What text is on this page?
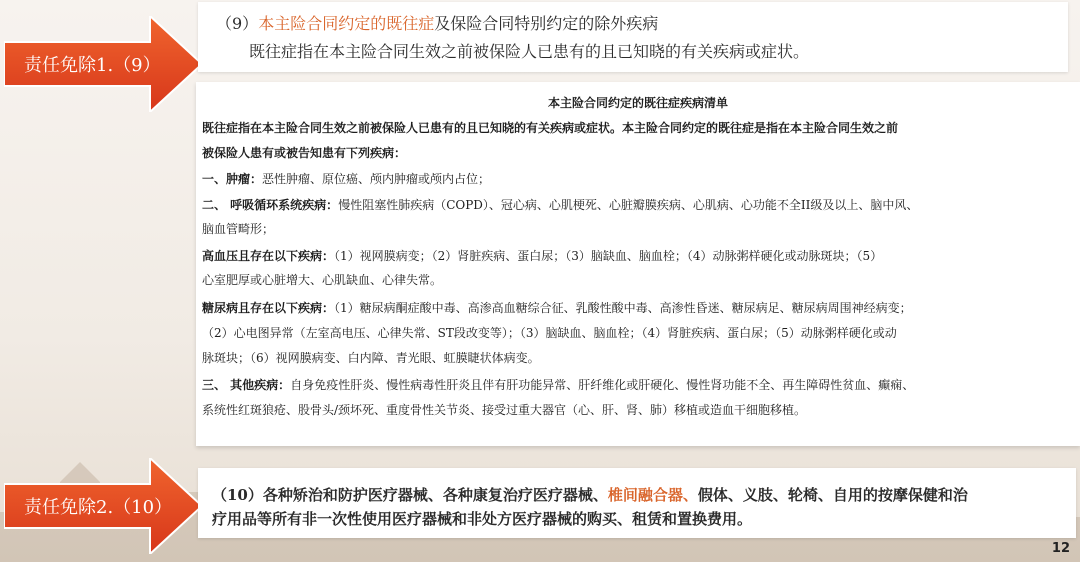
责任免除1.（9）
（9）本主险合同约定的既往症及保险合同特别约定的除外疾病
既往症指在本主险合同生效之前被保险人已患有的且已知晓的有关疾病或症状。
本主险合同约定的既往症疾病清单
既往症指在本主险合同生效之前被保险人已患有的且已知晓的有关疾病或症状。本主险合同约定的既往症是指在本主险合同生效之前
被保险人患有或被告知患有下列疾病：
一、肿瘤：恶性肿瘤、原位癌、颅内肿瘤或颅内占位；
二、 呼吸循环系统疾病：慢性阻塞性肺疾病（COPD）、冠心病、心肌梗死、心脏瓣膜疾病、心肌病、心功能不全II级及以上、脑中风、
脑血管畸形；
高血压且存在以下疾病：（1）视网膜病变；（2）肾脏疾病、蛋白尿；（3）脑缺血、脑血栓；（4）动脉粥样硬化或动脉斑块；（5）
心室肥厚或心脏增大、心肌缺血、心律失常。
糖尿病且存在以下疾病：（1）糖尿病酮症酸中毒、高渗高血糖综合征、乳酸性酸中毒、高渗性昏迷、糖尿病足、糖尿病周围神经病变；
（2）心电图异常（左室高电压、心律失常、ST段改变等）；（3）脑缺血、脑血栓；（4）肾脏疾病、蛋白尿；（5）动脉粥样硬化或动
脉斑块；（6）视网膜病变、白内障、青光眼、虹膜睫状体病变。
三、 其他疾病：自身免疫性肝炎、慢性病毒性肝炎且伴有肝功能异常、肝纤维化或肝硬化、慢性肾功能不全、再生障碍性贫血、癫痫、
系统性红斑狼疮、股骨头/颈坏死、重度骨性关节炎、接受过重大器官（心、肝、肾、肺）移植或造血干细胞移植。
责任免除2.（10）
（10）各种矫治和防护医疗器械、各种康复治疗医疗器械、椎间融合器、假体、义肢、轮椅、自用的按摩保健和治
疗用品等所有非一次性使用医疗器械和非处方医疗器械的购买、租赁和置换费用。
12
